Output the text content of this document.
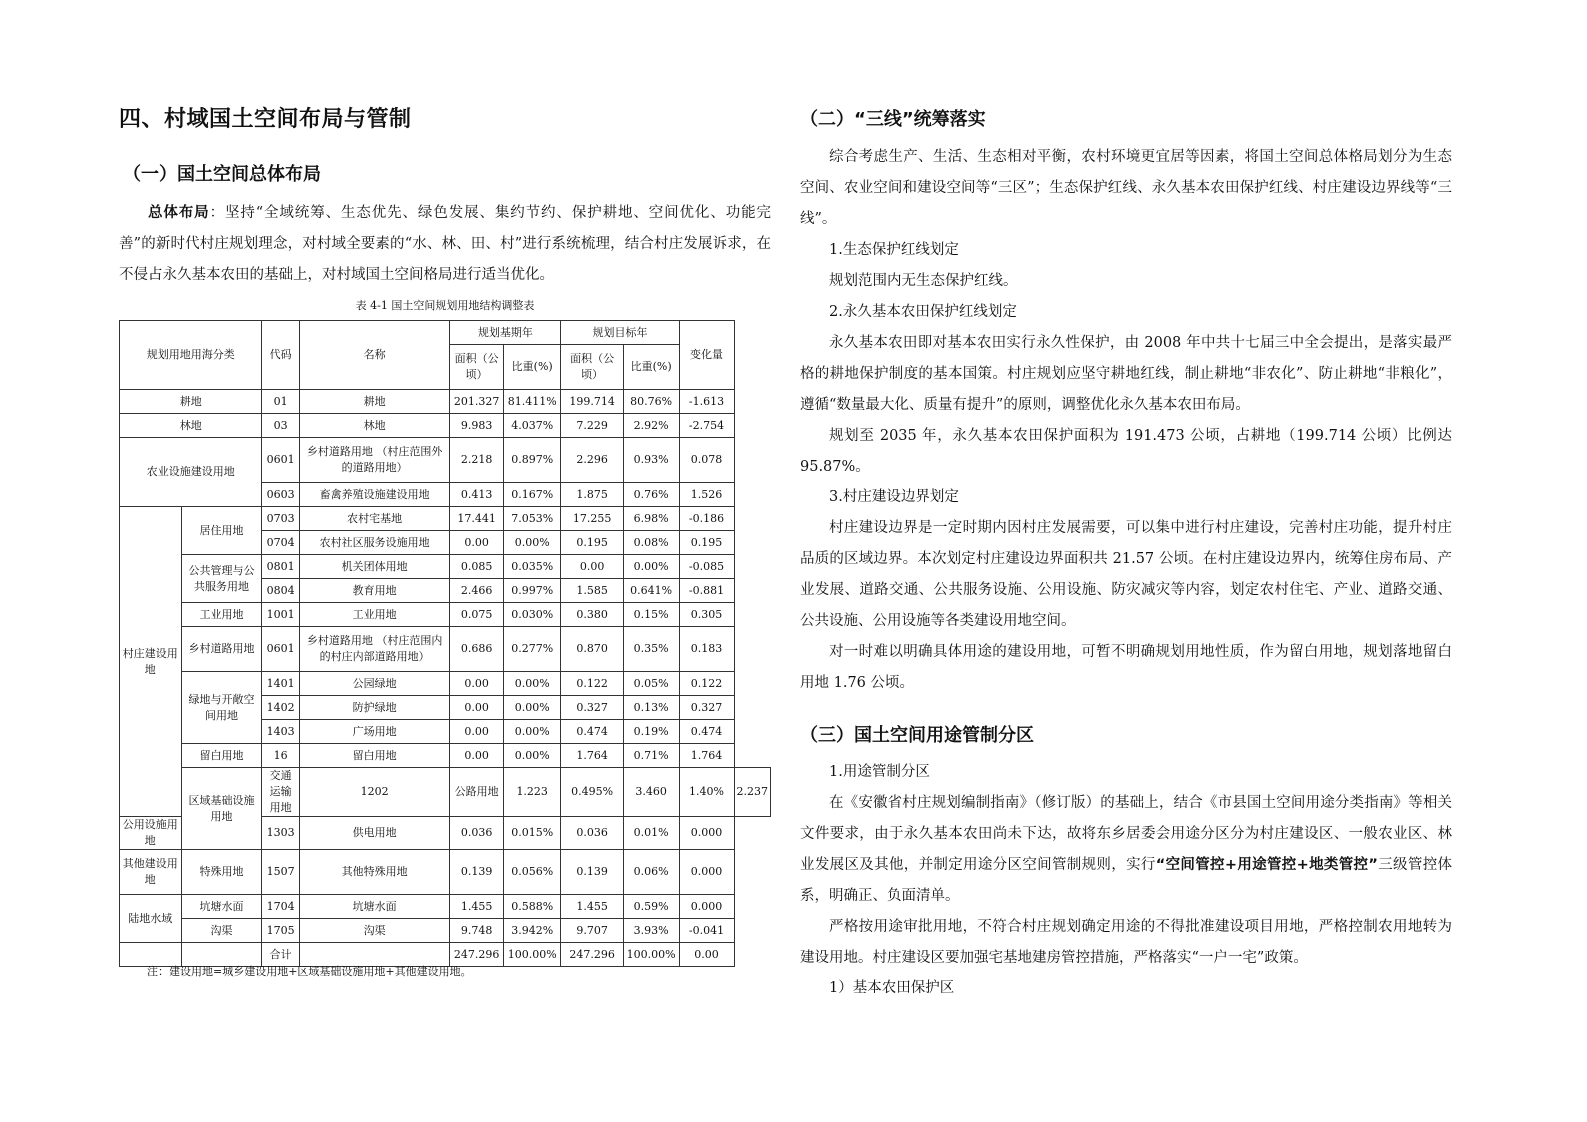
四、村域国土空间布局与管制
（一）国土空间总体布局

总体布局：坚持“全域统筹、生态优先、绿色发展、集约节约、保护耕地、空间优化、功能完善”的新时代村庄规划理念，对村域全要素的“水、林、田、村”进行系统梳理，结合村庄发展诉求，在不侵占永久基本农田的基础上，对村域国土空间格局进行适当优化。

表 4-1 国土空间规划用地结构调整表
规划用地用海分类		代码	名称	规划基期年		规划目标年		变化量	
				面积（公顷）	比重(%)	面积（公顷）	比重(%)		
耕地		01	耕地	201.327	81.411%	199.714	80.76%	-1.613	
林地		03	林地	9.983	4.037%	7.229	2.92%	-2.754	
农业设施建设用地		0601	乡村道路用地 （村庄范围外的道路用地）	2.218	0.897%	2.296	0.93%	0.078	
		0603	畜禽养殖设施建设用地	0.413	0.167%	1.875	0.76%	1.526	
村庄建设用地	居住用地	0703	农村宅基地	17.441	7.053%	17.255	6.98%	-0.186	
		0704	农村社区服务设施用地	0.00	0.00%	0.195	0.08%	0.195	
	公共管理与公共服务用地	0801	机关团体用地	0.085	0.035%	0.00	0.00%	-0.085	
		0804	教育用地	2.466	0.997%	1.585	0.641%	-0.881	
	工业用地	1001	工业用地	0.075	0.030%	0.380	0.15%	0.305	
	乡村道路用地	0601	乡村道路用地 （村庄范围内的村庄内部道路用地）	0.686	0.277%	0.870	0.35%	0.183	
	绿地与开敞空间用地	1401	公园绿地	0.00	0.00%	0.122	0.05%	0.122	
		1402	防护绿地	0.00	0.00%	0.327	0.13%	0.327	
		1403	广场用地	0.00	0.00%	0.474	0.19%	0.474	
	留白用地	16	留白用地	0.00	0.00%	1.764	0.71%	1.764	
	区域基础设施用地	交通运输用地	1202	公路用地	1.223	0.495%	3.460	1.40%	2.237
公用设施用地		1303	供电用地	0.036	0.015%	0.036	0.01%	0.000	
其他建设用地	特殊用地	1507	其他特殊用地	0.139	0.056%	0.139	0.06%	0.000	
陆地水域	坑塘水面	1704	坑塘水面	1.455	0.588%	1.455	0.59%	0.000	
	沟渠	1705	沟渠	9.748	3.942%	9.707	3.93%	-0.041	
		合计		247.296	100.00%	247.296	100.00%	0.00	
注：建设用地=城乡建设用地+区域基础设施用地+其他建设用地。
（二）“三线”统筹落实

综合考虑生产、生活、生态相对平衡，农村环境更宜居等因素，将国土空间总体格局划分为生态空间、农业空间和建设空间等“三区”；生态保护红线、永久基本农田保护红线、村庄建设边界线等“三线”。

1.生态保护红线划定

规划范围内无生态保护红线。

2.永久基本农田保护红线划定

永久基本农田即对基本农田实行永久性保护，由 2008 年中共十七届三中全会提出，是落实最严格的耕地保护制度的基本国策。村庄规划应坚守耕地红线，制止耕地“非农化”、防止耕地“非粮化”，遵循“数量最大化、质量有提升”的原则，调整优化永久基本农田布局。

规划至 2035 年，永久基本农田保护面积为 191.473 公顷，占耕地（199.714 公顷）比例达 95.87%。

3.村庄建设边界划定

村庄建设边界是一定时期内因村庄发展需要，可以集中进行村庄建设，完善村庄功能，提升村庄品质的区域边界。本次划定村庄建设边界面积共 21.57 公顷。在村庄建设边界内，统筹住房布局、产业发展、道路交通、公共服务设施、公用设施、防灾减灾等内容，划定农村住宅、产业、道路交通、公共设施、公用设施等各类建设用地空间。

对一时难以明确具体用途的建设用地，可暂不明确规划用地性质，作为留白用地，规划落地留白用地 1.76 公顷。

（三）国土空间用途管制分区

1.用途管制分区

在《安徽省村庄规划编制指南》（修订版）的基础上，结合《市县国土空间用途分类指南》等相关文件要求，由于永久基本农田尚未下达，故将东乡居委会用途分区分为村庄建设区、一般农业区、林业发展区及其他，并制定用途分区空间管制规则，实行“空间管控+用途管控+地类管控”三级管控体系，明确正、负面清单。

严格按用途审批用地，不符合村庄规划确定用途的不得批准建设项目用地，严格控制农用地转为建设用地。村庄建设区要加强宅基地建房管控措施，严格落实“一户一宅”政策。

1）基本农田保护区
